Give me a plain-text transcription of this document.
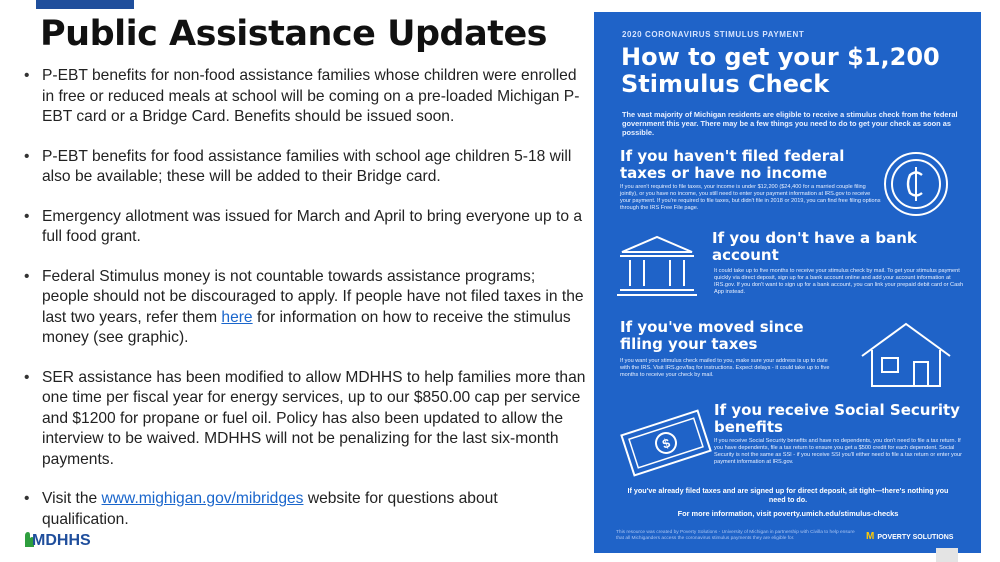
Public Assistance Updates
• P-EBT benefits for non-food assistance families whose children were enrolled in free or reduced meals at school will be coming on a pre-loaded Michigan P-EBT card or a Bridge Card. Benefits should be issued soon.
• P-EBT benefits for food assistance families with school age children 5-18 will also be available; these will be added to their Bridge card.
• Emergency allotment was issued for March and April to bring everyone up to a full food grant.
• Federal Stimulus money is not countable towards assistance programs; people should not be discouraged to apply. If people have not filed taxes in the last two years, refer them here for information on how to receive the stimulus money (see graphic).
• SER assistance has been modified to allow MDHHS to help families more than one time per fiscal year for energy services, up to our $850.00 cap per service and $1200 for propane or fuel oil. Policy has also been updated to allow the interview to be waived. MDHHS will not be penalizing for the last six-month payments.
• Visit the www.mighigan.gov/mibridges website for questions about qualification.
MDHHS
2020 CORONAVIRUS STIMULUS PAYMENT
How to get your $1,200 Stimulus Check
The vast majority of Michigan residents are eligible to receive a stimulus check from the federal government this year. There may be a few things you need to do to get your check as soon as possible.
If you haven't filed federal taxes or have no income
If you aren't required to file taxes, your income is under $12,200 ($24,400 for a married couple filing jointly), or you have no income, you still need to enter your payment information at IRS.gov to receive your payment. If you're required to file taxes, but didn't file in 2018 or 2019, you can find free filing options through the IRS Free File page.
If you don't have a bank account
It could take up to five months to receive your stimulus check by mail. To get your stimulus payment quickly via direct deposit, sign up for a bank account online and add your account information at IRS.gov. If you don't want to sign up for a bank account, you can link your prepaid debit card or Cash App instead.
If you've moved since filing your taxes
If you want your stimulus check mailed to you, make sure your address is up to date with the IRS. Visit IRS.gov/faq for instructions. Expect delays - it could take up to five months to receive your check by mail.
$
If you receive Social Security benefits
If you receive Social Security benefits and have no dependents, you don't need to file a tax return. If you have dependents, file a tax return to ensure you get a $500 credit for each dependent. Social Security is not the same as SSI - if you receive SSI you'll either need to file a tax return or enter your payment information at IRS.gov.
If you've already filed taxes and are signed up for direct deposit, sit tight—there's nothing you need to do.
For more information, visit poverty.umich.edu/stimulus-checks
This resource was created by Poverty Solutions - University of Michigan in partnership with Civilla to help ensure that all Michiganders access the coronavirus stimulus payments they are eligible for.	M POVERTY SOLUTIONS
